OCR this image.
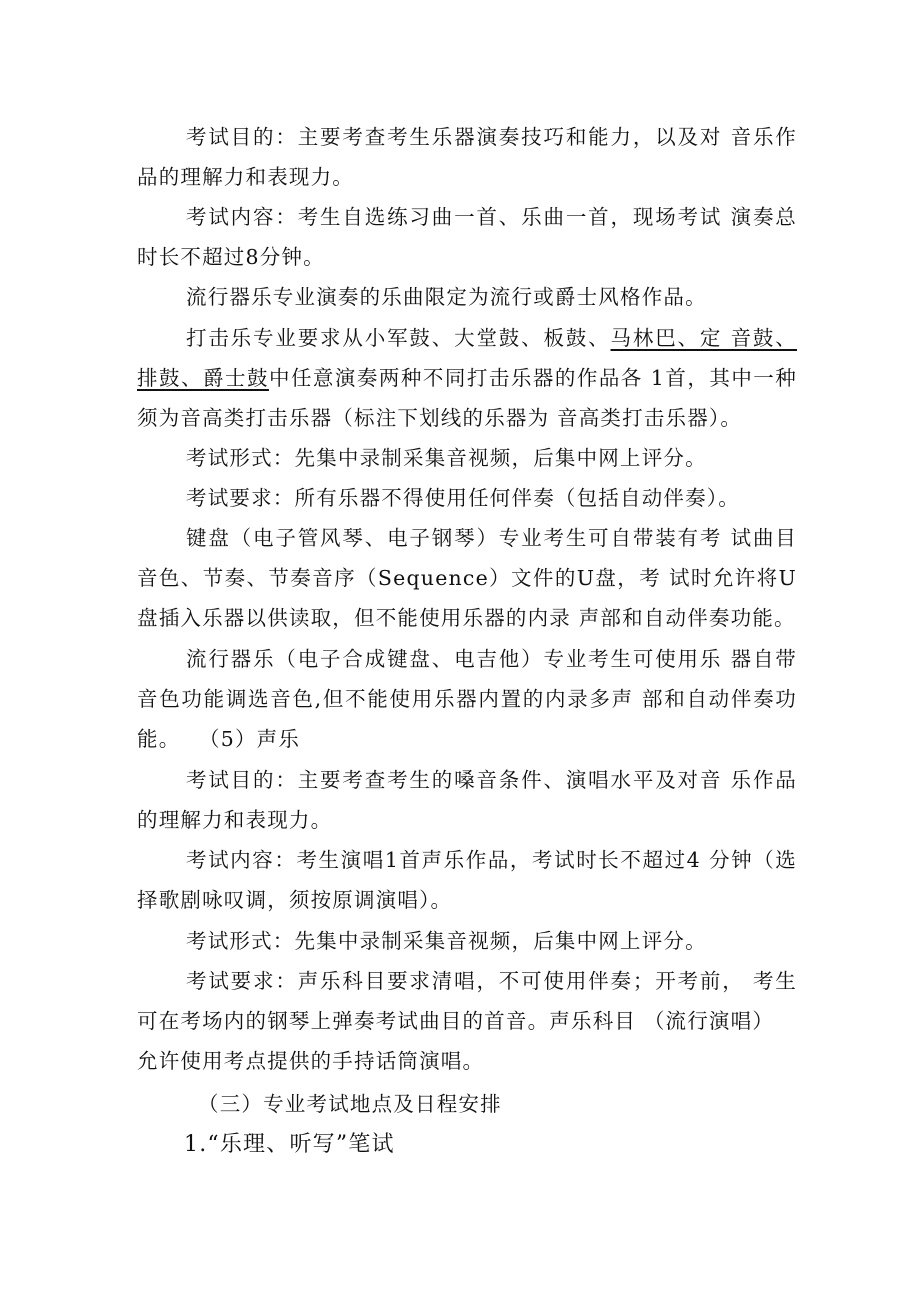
考试目的：主要考查考生乐器演奏技巧和能力，以及对 音乐作品的理解力和表现力。

考试内容：考生自选练习曲一首、乐曲一首，现场考试 演奏总时长不超过8分钟。

流行器乐专业演奏的乐曲限定为流行或爵士风格作品。

打击乐专业要求从小军鼓、大堂鼓、板鼓、马林巴、定 音鼓、排鼓、爵士鼓中任意演奏两种不同打击乐器的作品各 1首，其中一种须为音高类打击乐器（标注下划线的乐器为 音高类打击乐器）。

考试形式：先集中录制采集音视频，后集中网上评分。

考试要求：所有乐器不得使用任何伴奏（包括自动伴奏）。

键盘（电子管风琴、电子钢琴）专业考生可自带装有考 试曲目音色、节奏、节奏音序（Sequence）文件的U盘，考 试时允许将U盘插入乐器以供读取，但不能使用乐器的内录 声部和自动伴奏功能。

流行器乐（电子合成键盘、电吉他）专业考生可使用乐 器自带音色功能调选音色,但不能使用乐器内置的内录多声 部和自动伴奏功能。 （5）声乐

考试目的：主要考查考生的嗓音条件、演唱水平及对音 乐作品的理解力和表现力。

考试内容：考生演唱1首声乐作品，考试时长不超过4 分钟（选择歌剧咏叹调，须按原调演唱）。

考试形式：先集中录制采集音视频，后集中网上评分。

考试要求：声乐科目要求清唱，不可使用伴奏；开考前， 考生可在考场内的钢琴上弹奏考试曲目的首音。声乐科目 （流行演唱）

允许使用考点提供的手持话筒演唱。

（三）专业考试地点及日程安排

1.“乐理、听写”笔试
